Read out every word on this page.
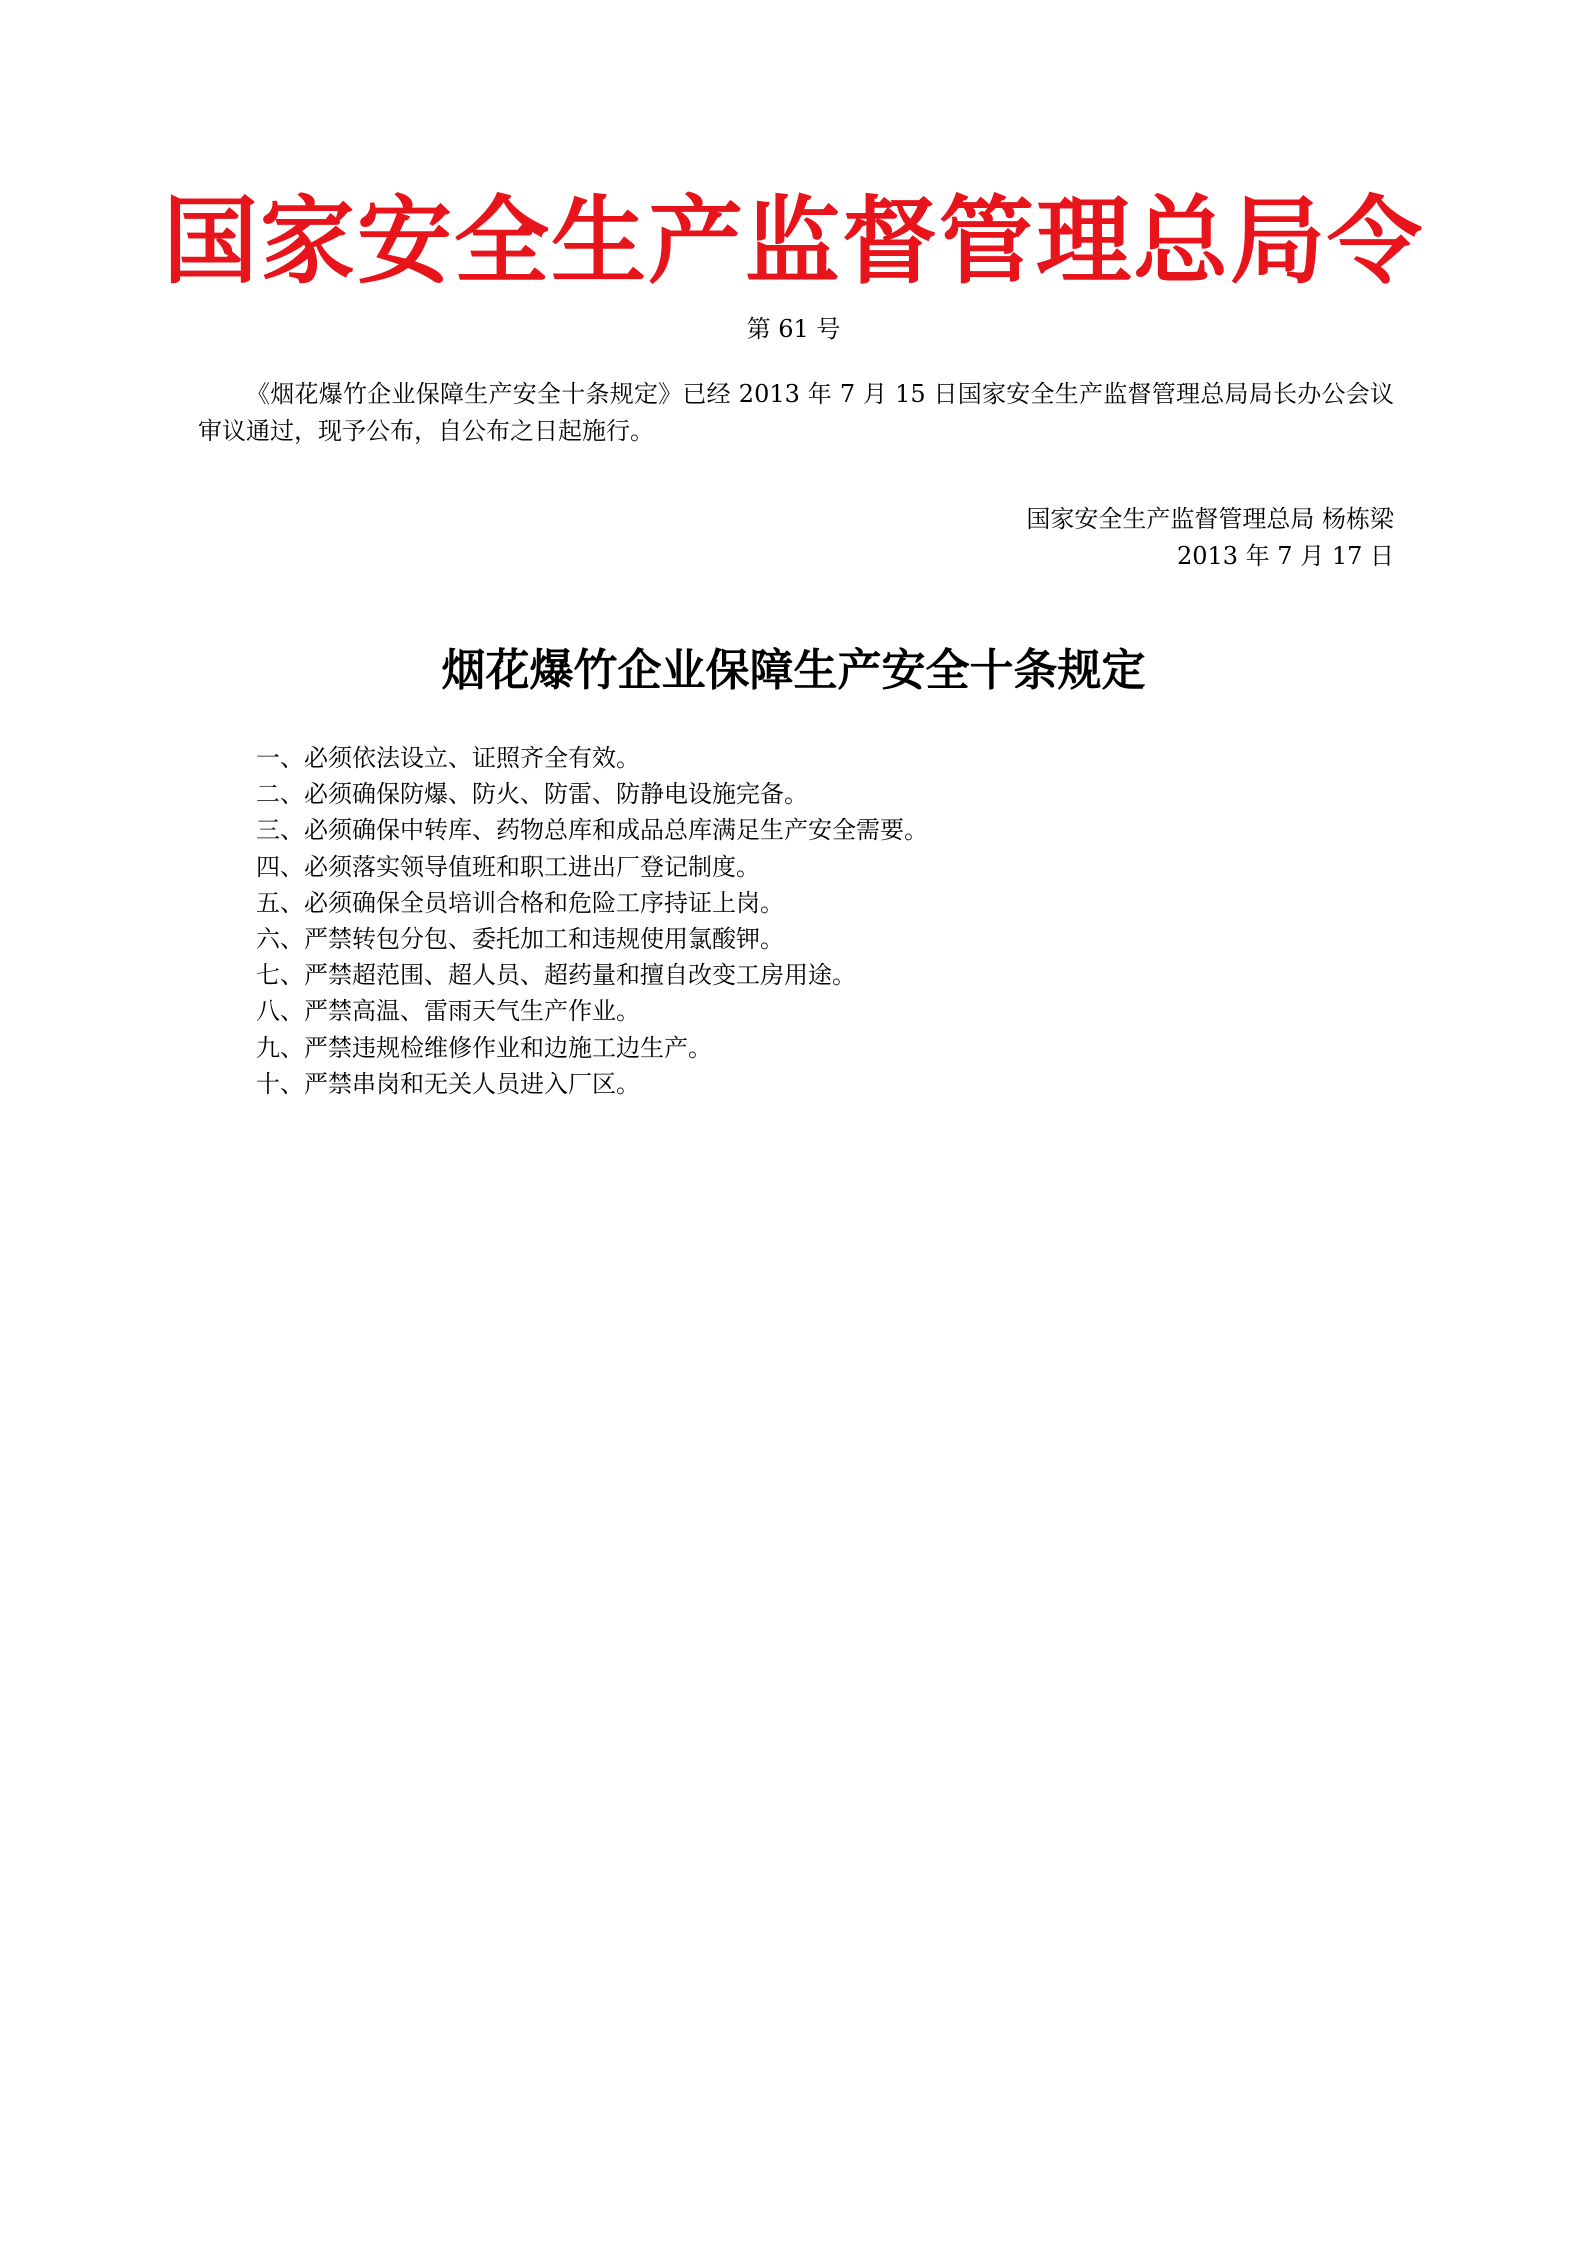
国家安全生产监督管理总局令
第 61 号

《烟花爆竹企业保障生产安全十条规定》已经 2013 年 7 月 15 日国家安全生产监督管理总局局长办公会议审议通过，现予公布，自公布之日起施行。

国家安全生产监督管理总局 杨栋梁
2013 年 7 月 17 日
烟花爆竹企业保障生产安全十条规定
一、必须依法设立、证照齐全有效。
二、必须确保防爆、防火、防雷、防静电设施完备。
三、必须确保中转库、药物总库和成品总库满足生产安全需要。
四、必须落实领导值班和职工进出厂登记制度。
五、必须确保全员培训合格和危险工序持证上岗。
六、严禁转包分包、委托加工和违规使用氯酸钾。
七、严禁超范围、超人员、超药量和擅自改变工房用途。
八、严禁高温、雷雨天气生产作业。
九、严禁违规检维修作业和边施工边生产。
十、严禁串岗和无关人员进入厂区。
